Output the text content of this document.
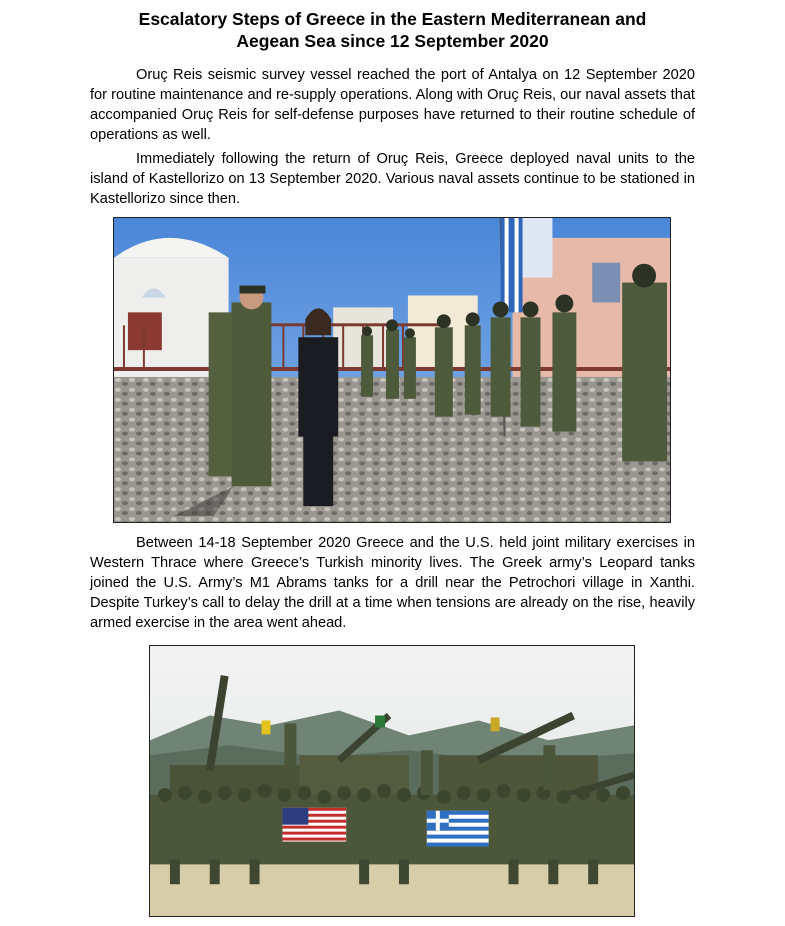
Escalatory Steps of Greece in the Eastern Mediterranean and
Aegean Sea since 12 September 2020

Oruç Reis seismic survey vessel reached the port of Antalya on 12 September 2020 for routine maintenance and re-supply operations. Along with Oruç Reis, our naval assets that accompanied Oruç Reis for self-defense purposes have returned to their routine schedule of operations as well.

Immediately following the return of Oruç Reis, Greece deployed naval units to the island of Kastellorizo on 13 September 2020. Various naval assets continue to be stationed in Kastellorizo since then.

Between 14-18 September 2020 Greece and the U.S. held joint military exercises in Western Thrace where Greece’s Turkish minority lives. The Greek army’s Leopard tanks joined the U.S. Army’s M1 Abrams tanks for a drill near the Petrochori village in Xanthi. Despite Turkey’s call to delay the drill at a time when tensions are already on the rise, heavily armed exercise in the area went ahead.
